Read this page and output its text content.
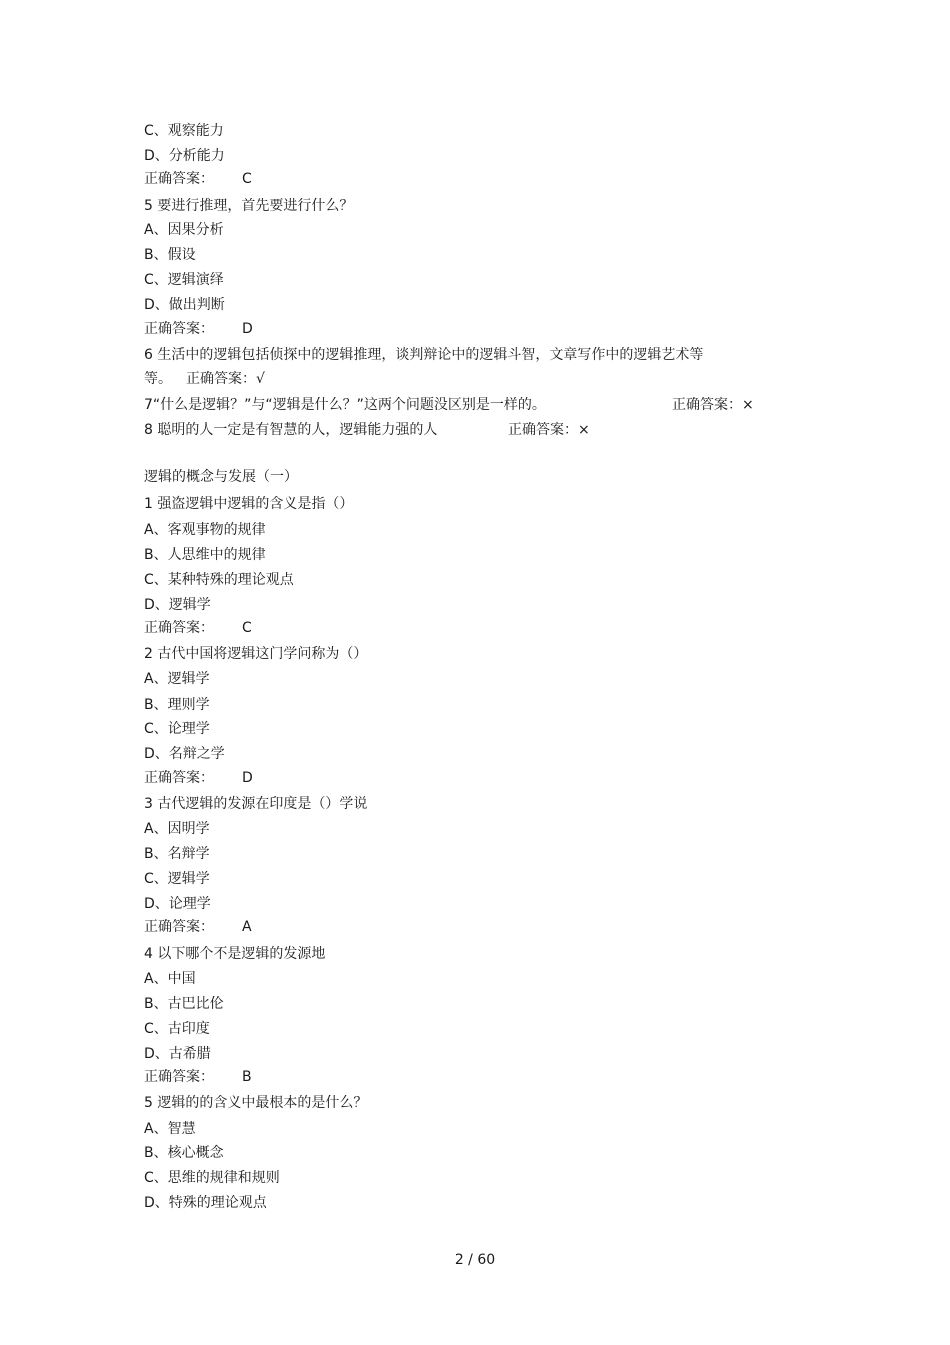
C、观察能力
D、分析能力
正确答案： C
5 要进行推理，首先要进行什么？
A、因果分析
B、假设
C、逻辑演绎
D、做出判断
正确答案： D
6 生活中的逻辑包括侦探中的逻辑推理，谈判辩论中的逻辑斗智，文章写作中的逻辑艺术等
等。 正确答案：√
7“什么是逻辑？”与“逻辑是什么？”这两个问题没区别是一样的。	正确答案：×
8 聪明的人一定是有智慧的人，逻辑能力强的人	正确答案：×
逻辑的概念与发展（一）
1 强盗逻辑中逻辑的含义是指（）
A、客观事物的规律
B、人思维中的规律
C、某种特殊的理论观点
D、逻辑学
正确答案： C
2 古代中国将逻辑这门学问称为（）
A、逻辑学
B、理则学
C、论理学
D、名辩之学
正确答案： D
3 古代逻辑的发源在印度是（）学说
A、因明学
B、名辩学
C、逻辑学
D、论理学
正确答案： A
4 以下哪个不是逻辑的发源地
A、中国
B、古巴比伦
C、古印度
D、古希腊
正确答案： B
5 逻辑的的含义中最根本的是什么？
A、智慧
B、核心概念
C、思维的规律和规则
D、特殊的理论观点
2 / 60
